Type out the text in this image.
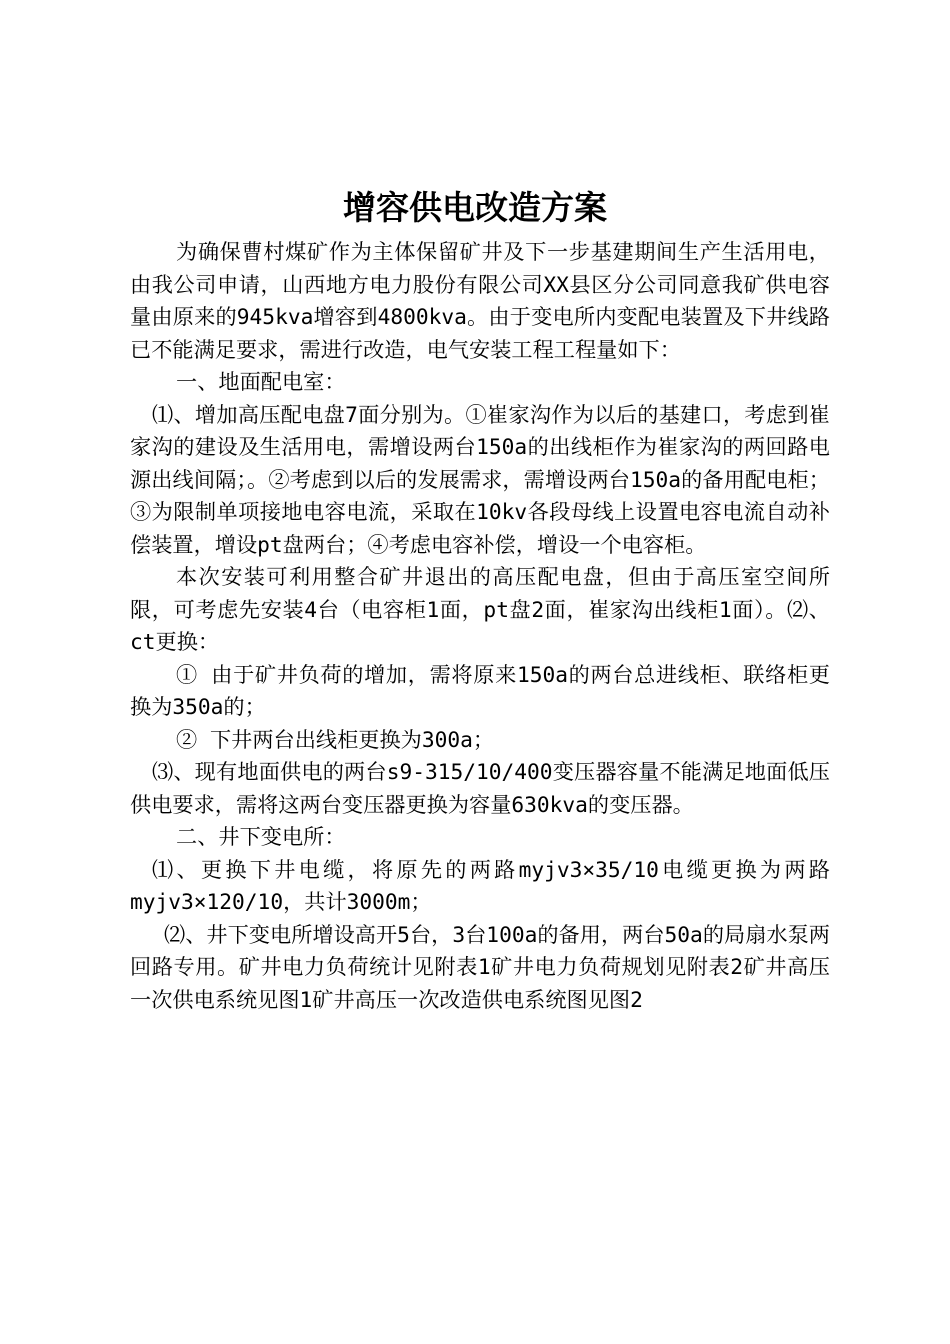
增容供电改造方案

为确保曹村煤矿作为主体保留矿井及下一步基建期间生产生活用电，由我公司申请，山西地方电力股份有限公司XX县区分公司同意我矿供电容量由原来的945kva增容到4800kva。由于变电所内变配电装置及下井线路已不能满足要求，需进行改造，电气安装工程工程量如下：

一、地面配电室：

⑴、增加高压配电盘7面分别为。①崔家沟作为以后的基建口，考虑到崔家沟的建设及生活用电，需增设两台150a的出线柜作为崔家沟的两回路电源出线间隔；。②考虑到以后的发展需求，需增设两台150a的备用配电柜；③为限制单项接地电容电流，采取在10kv各段母线上设置电容电流自动补偿装置，增设pt盘两台；④考虑电容补偿，增设一个电容柜。

本次安装可利用整合矿井退出的高压配电盘，但由于高压室空间所限，可考虑先安装4台（电容柜1面，pt盘2面，崔家沟出线柜1面）。⑵、ct更换：

① 由于矿井负荷的增加，需将原来150a的两台总进线柜、联络柜更换为350a的；

② 下井两台出线柜更换为300a；

⑶、现有地面供电的两台s9-315/10/400变压器容量不能满足地面低压供电要求，需将这两台变压器更换为容量630kva的变压器。

二、井下变电所：

⑴、更换下井电缆，将原先的两路myjv3×35/10电缆更换为两路myjv3×120/10，共计3000m；

⑵、井下变电所增设高开5台，3台100a的备用，两台50a的局扇水泵两回路专用。矿井电力负荷统计见附表1矿井电力负荷规划见附表2矿井高压一次供电系统见图1矿井高压一次改造供电系统图见图2
